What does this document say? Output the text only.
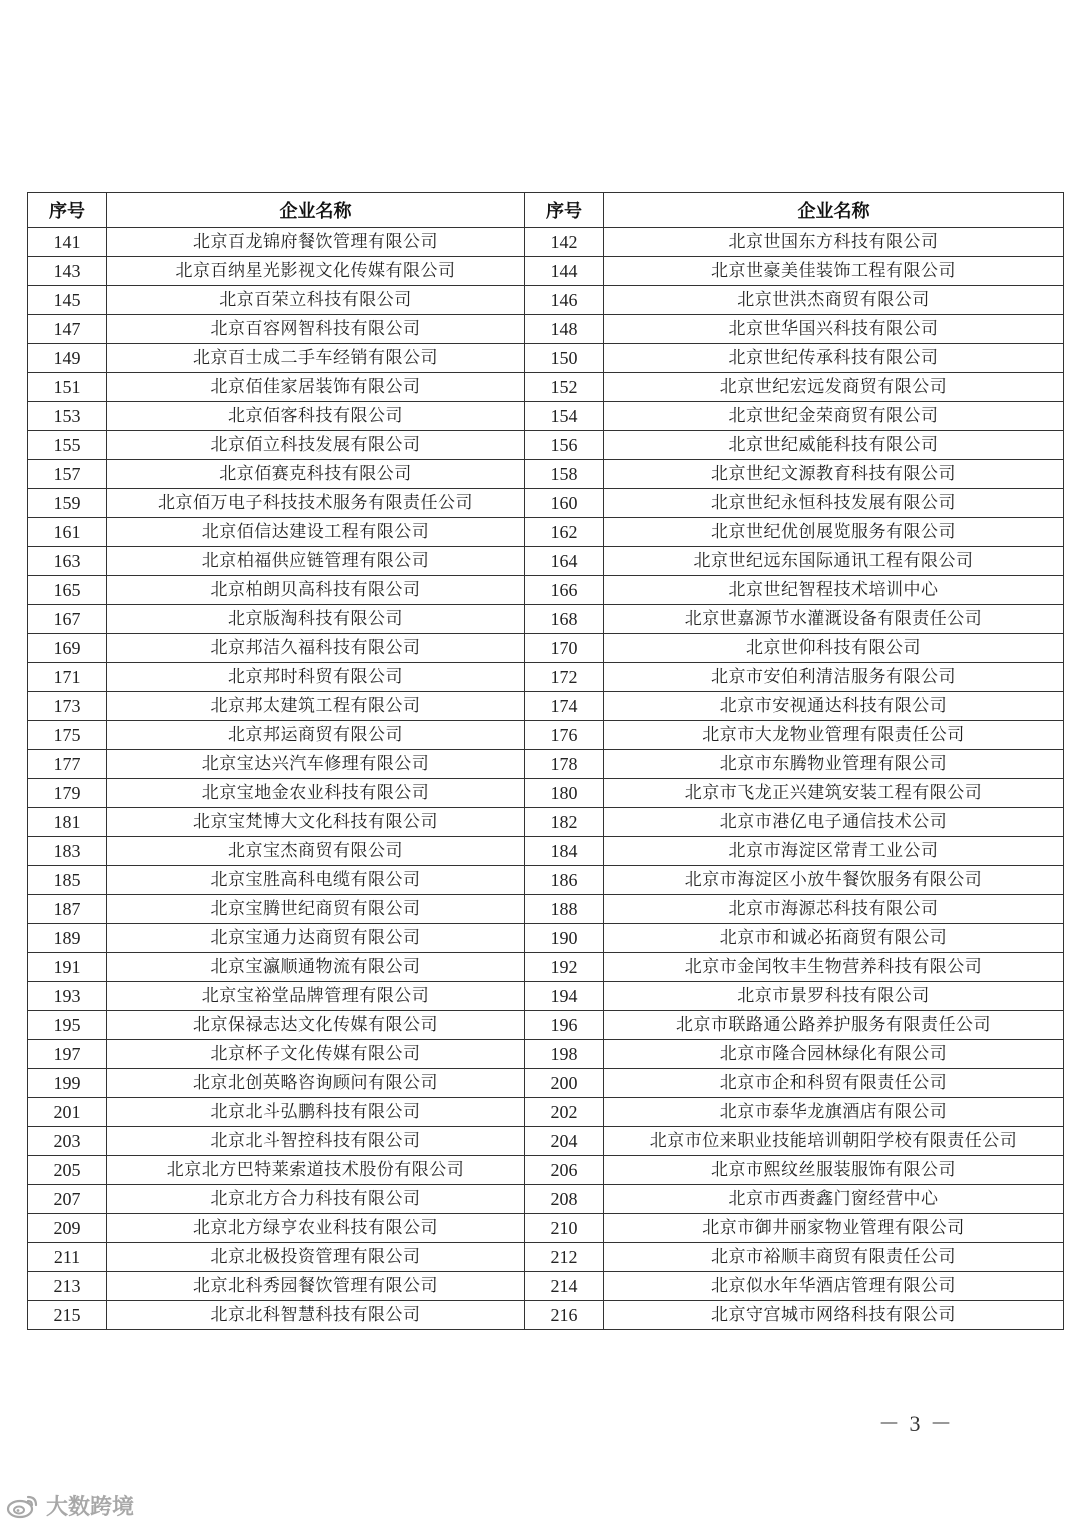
序号	企业名称	序号	企业名称
141	北京百龙锦府餐饮管理有限公司	142	北京世国东方科技有限公司
143	北京百纳星光影视文化传媒有限公司	144	北京世豪美佳装饰工程有限公司
145	北京百荣立科技有限公司	146	北京世洪杰商贸有限公司
147	北京百容网智科技有限公司	148	北京世华国兴科技有限公司
149	北京百士成二手车经销有限公司	150	北京世纪传承科技有限公司
151	北京佰佳家居装饰有限公司	152	北京世纪宏远发商贸有限公司
153	北京佰客科技有限公司	154	北京世纪金荣商贸有限公司
155	北京佰立科技发展有限公司	156	北京世纪威能科技有限公司
157	北京佰赛克科技有限公司	158	北京世纪文源教育科技有限公司
159	北京佰万电子科技技术服务有限责任公司	160	北京世纪永恒科技发展有限公司
161	北京佰信达建设工程有限公司	162	北京世纪优创展览服务有限公司
163	北京柏福供应链管理有限公司	164	北京世纪远东国际通讯工程有限公司
165	北京柏朗贝高科技有限公司	166	北京世纪智程技术培训中心
167	北京版淘科技有限公司	168	北京世嘉源节水灌溉设备有限责任公司
169	北京邦洁久福科技有限公司	170	北京世仰科技有限公司
171	北京邦时科贸有限公司	172	北京市安伯利清洁服务有限公司
173	北京邦太建筑工程有限公司	174	北京市安视通达科技有限公司
175	北京邦运商贸有限公司	176	北京市大龙物业管理有限责任公司
177	北京宝达兴汽车修理有限公司	178	北京市东腾物业管理有限公司
179	北京宝地金农业科技有限公司	180	北京市飞龙正兴建筑安装工程有限公司
181	北京宝梵博大文化科技有限公司	182	北京市港亿电子通信技术公司
183	北京宝杰商贸有限公司	184	北京市海淀区常青工业公司
185	北京宝胜高科电缆有限公司	186	北京市海淀区小放牛餐饮服务有限公司
187	北京宝腾世纪商贸有限公司	188	北京市海源芯科技有限公司
189	北京宝通力达商贸有限公司	190	北京市和诚必拓商贸有限公司
191	北京宝瀛顺通物流有限公司	192	北京市金闰牧丰生物营养科技有限公司
193	北京宝裕堂品牌管理有限公司	194	北京市景罗科技有限公司
195	北京保禄志达文化传媒有限公司	196	北京市联路通公路养护服务有限责任公司
197	北京杯子文化传媒有限公司	198	北京市隆合园林绿化有限公司
199	北京北创英略咨询顾问有限公司	200	北京市企和科贸有限责任公司
201	北京北斗弘鹏科技有限公司	202	北京市泰华龙旗酒店有限公司
203	北京北斗智控科技有限公司	204	北京市位来职业技能培训朝阳学校有限责任公司
205	北京北方巴特莱索道技术股份有限公司	206	北京市熙纹丝服装服饰有限公司
207	北京北方合力科技有限公司	208	北京市西赉鑫门窗经营中心
209	北京北方绿亨农业科技有限公司	210	北京市御井丽家物业管理有限公司
211	北京北极投资管理有限公司	212	北京市裕顺丰商贸有限责任公司
213	北京北科秀园餐饮管理有限公司	214	北京似水年华酒店管理有限公司
215	北京北科智慧科技有限公司	216	北京守宫城市网络科技有限公司
－ 3 －
大数跨境
